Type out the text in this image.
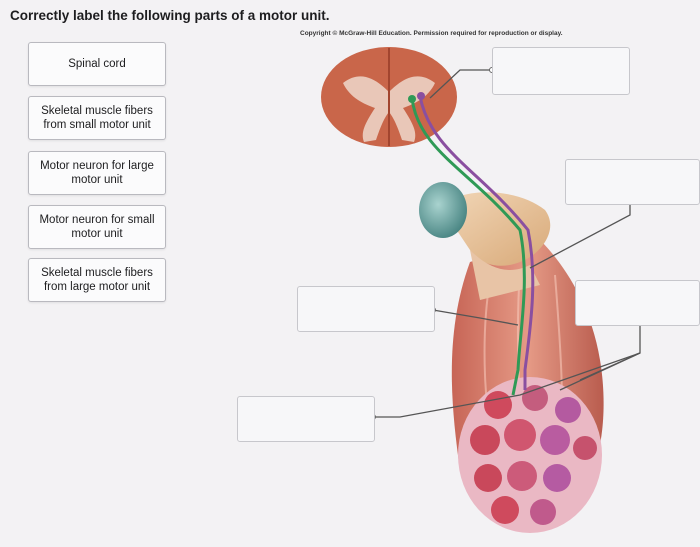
Correctly label the following parts of a motor unit.
Copyright © McGraw-Hill Education. Permission required for reproduction or display.
Spinal cord
Skeletal muscle fibers from small motor unit
Motor neuron for large motor unit
Motor neuron for small motor unit
Skeletal muscle fibers from large motor unit
